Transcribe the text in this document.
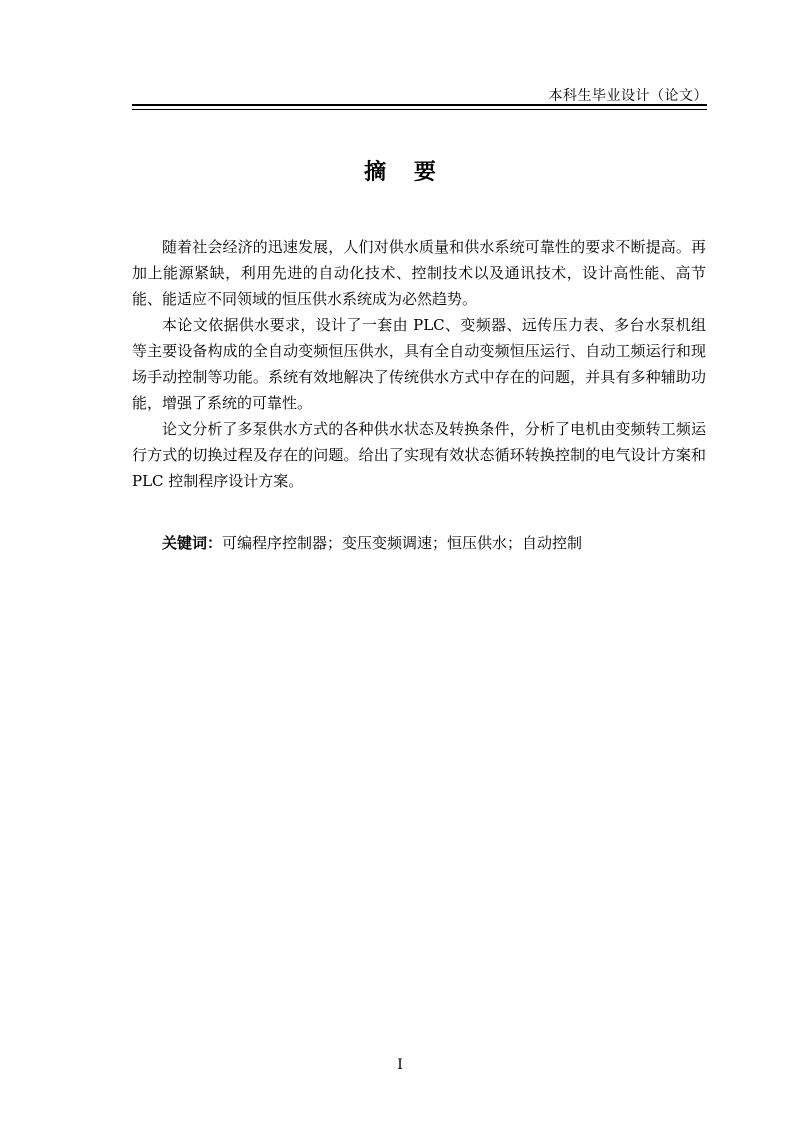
本科生毕业设计（论文）
摘 要

随着社会经济的迅速发展，人们对供水质量和供水系统可靠性的要求不断提高。再加上能源紧缺，利用先进的自动化技术、控制技术以及通讯技术，设计高性能、高节能、能适应不同领域的恒压供水系统成为必然趋势。

本论文依据供水要求，设计了一套由 PLC、变频器、远传压力表、多台水泵机组等主要设备构成的全自动变频恒压供水，具有全自动变频恒压运行、自动工频运行和现场手动控制等功能。系统有效地解决了传统供水方式中存在的问题，并具有多种辅助功能，增强了系统的可靠性。

论文分析了多泵供水方式的各种供水状态及转换条件，分析了电机由变频转工频运行方式的切换过程及存在的问题。给出了实现有效状态循环转换控制的电气设计方案和 PLC 控制程序设计方案。

关键词：可编程序控制器；变压变频调速；恒压供水；自动控制
I
